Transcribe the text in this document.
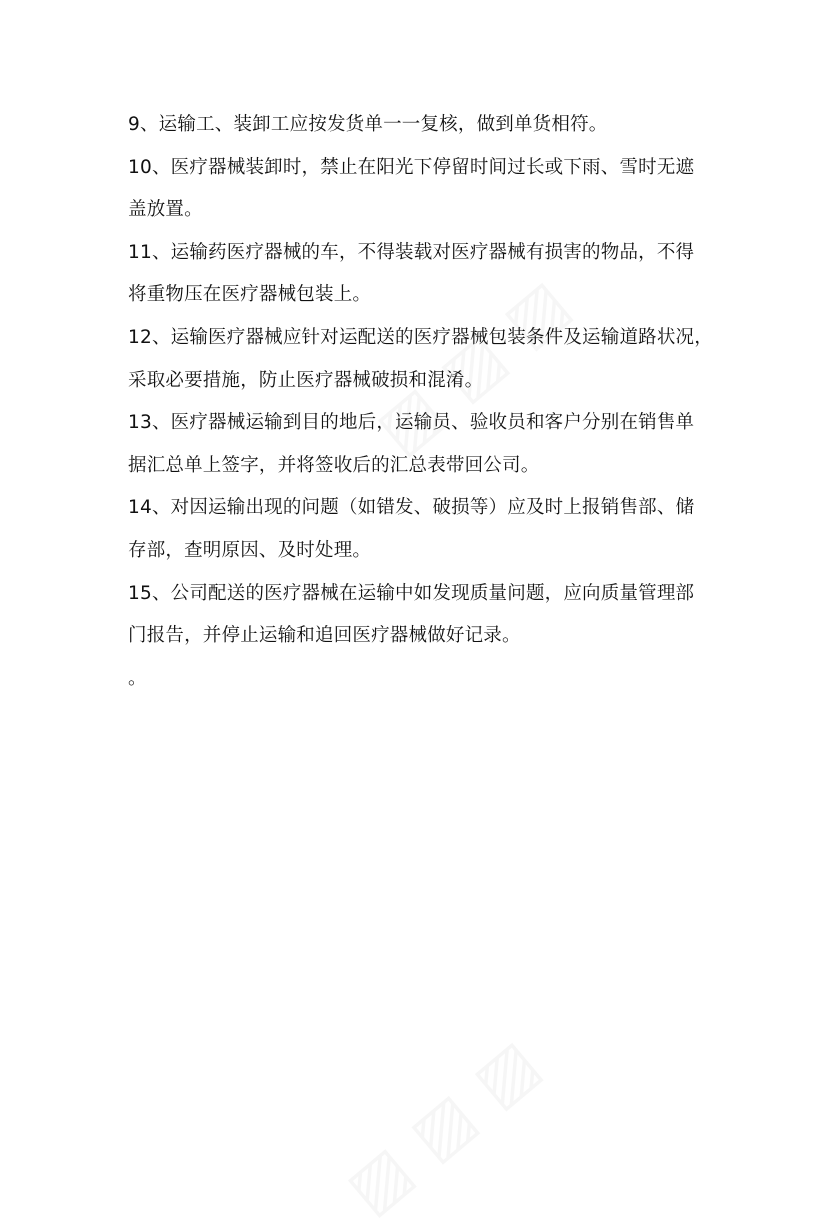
9、运输工、装卸工应按发货单一一复核，做到单货相符。
10、医疗器械装卸时，禁止在阳光下停留时间过长或下雨、雪时无遮
盖放置。
11、运输药医疗器械的车，不得装载对医疗器械有损害的物品，不得
将重物压在医疗器械包装上。
12、运输医疗器械应针对运配送的医疗器械包装条件及运输道路状况，
采取必要措施，防止医疗器械破损和混淆。
13、医疗器械运输到目的地后，运输员、验收员和客户分别在销售单
据汇总单上签字，并将签收后的汇总表带回公司。
14、对因运输出现的问题（如错发、破损等）应及时上报销售部、储
存部，查明原因、及时处理。
15、公司配送的医疗器械在运输中如发现质量问题，应向质量管理部
门报告，并停止运输和追回医疗器械做好记录。
。
